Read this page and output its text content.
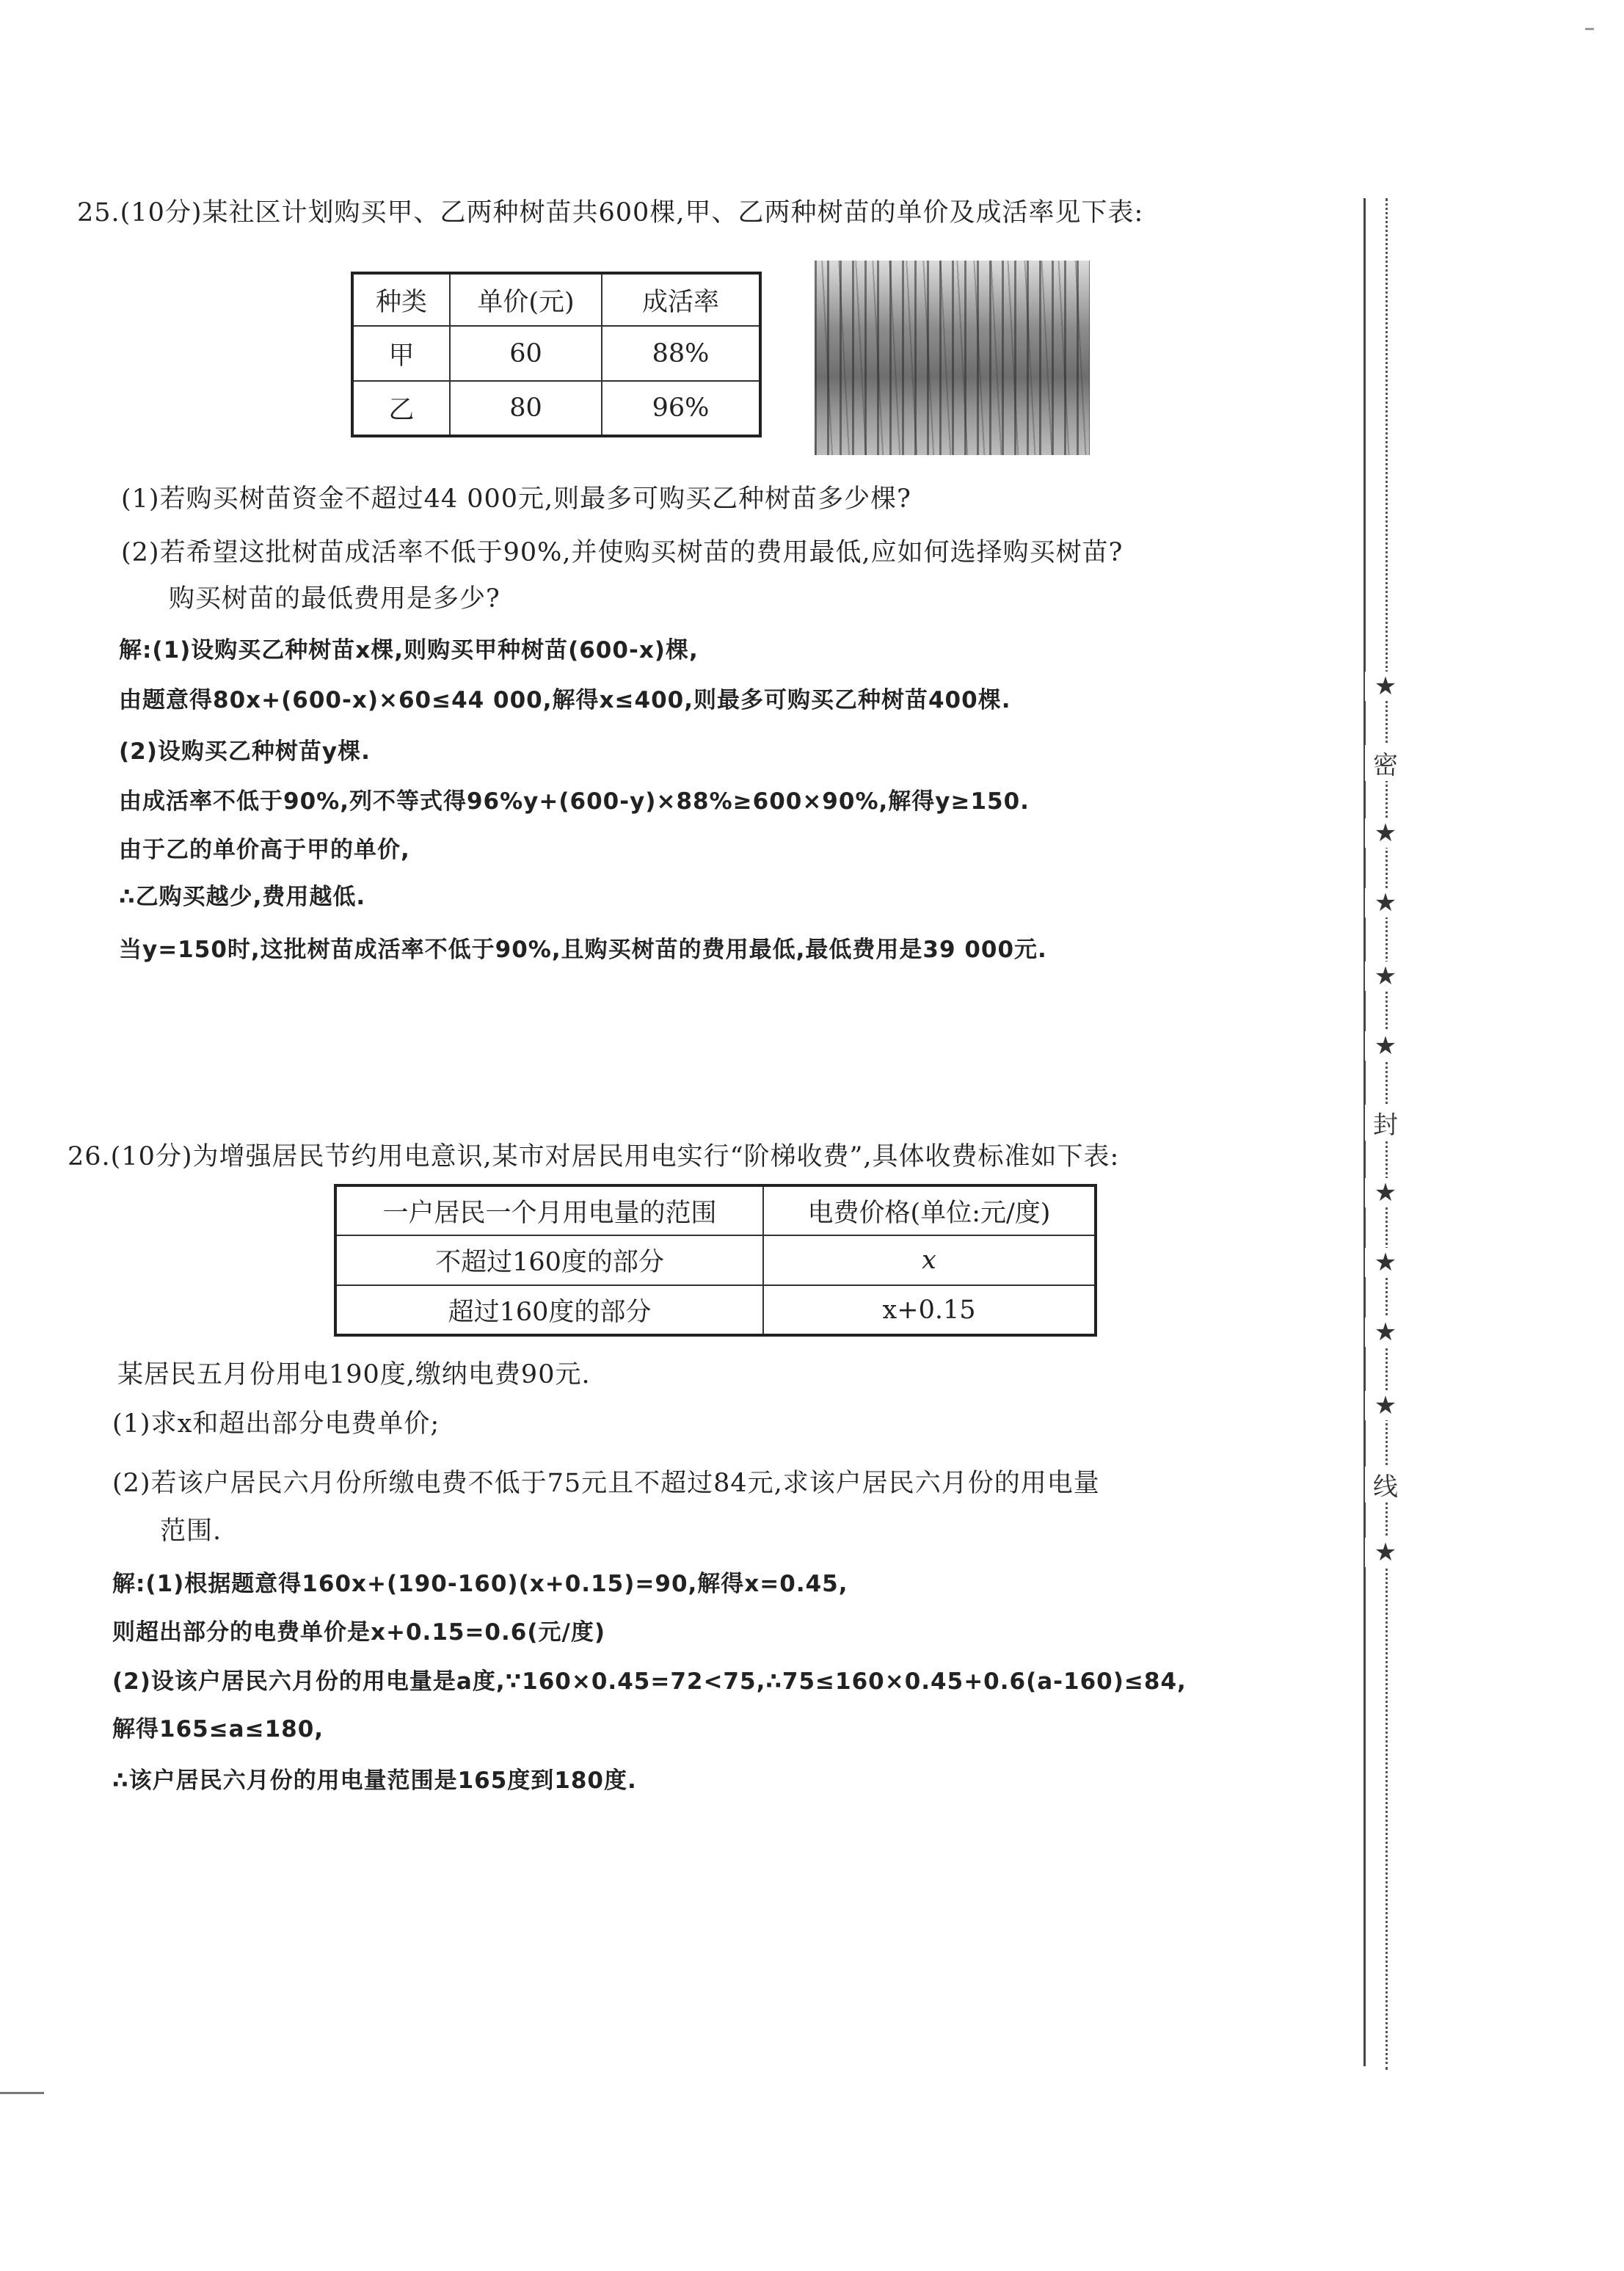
25.(10分)某社区计划购买甲、乙两种树苗共600棵,甲、乙两种树苗的单价及成活率见下表:
种类	单价(元)	成活率
甲	60	88%
乙	80	96%
(1)若购买树苗资金不超过44 000元,则最多可购买乙种树苗多少棵?
(2)若希望这批树苗成活率不低于90%,并使购买树苗的费用最低,应如何选择购买树苗?
购买树苗的最低费用是多少?
解:(1)设购买乙种树苗x棵,则购买甲种树苗(600-x)棵,
由题意得80x+(600-x)×60≤44 000,解得x≤400,则最多可购买乙种树苗400棵.
(2)设购买乙种树苗y棵.
由成活率不低于90%,列不等式得96%y+(600-y)×88%≥600×90%,解得y≥150.
由于乙的单价高于甲的单价,
∴乙购买越少,费用越低.
当y=150时,这批树苗成活率不低于90%,且购买树苗的费用最低,最低费用是39 000元.
26.(10分)为增强居民节约用电意识,某市对居民用电实行“阶梯收费”,具体收费标准如下表:
一户居民一个月用电量的范围	电费价格(单位:元/度)
不超过160度的部分	x
超过160度的部分	x+0.15
某居民五月份用电190度,缴纳电费90元.
(1)求x和超出部分电费单价;
(2)若该户居民六月份所缴电费不低于75元且不超过84元,求该户居民六月份的用电量
范围.
解:(1)根据题意得160x+(190-160)(x+0.15)=90,解得x=0.45,
则超出部分的电费单价是x+0.15=0.6(元/度)
(2)设该户居民六月份的用电量是a度,∵160×0.45=72<75,∴75≤160×0.45+0.6(a-160)≤84,
解得165≤a≤180,
∴该户居民六月份的用电量范围是165度到180度.
★
密
★
★
★
★
封
★
★
★
★
线
★
